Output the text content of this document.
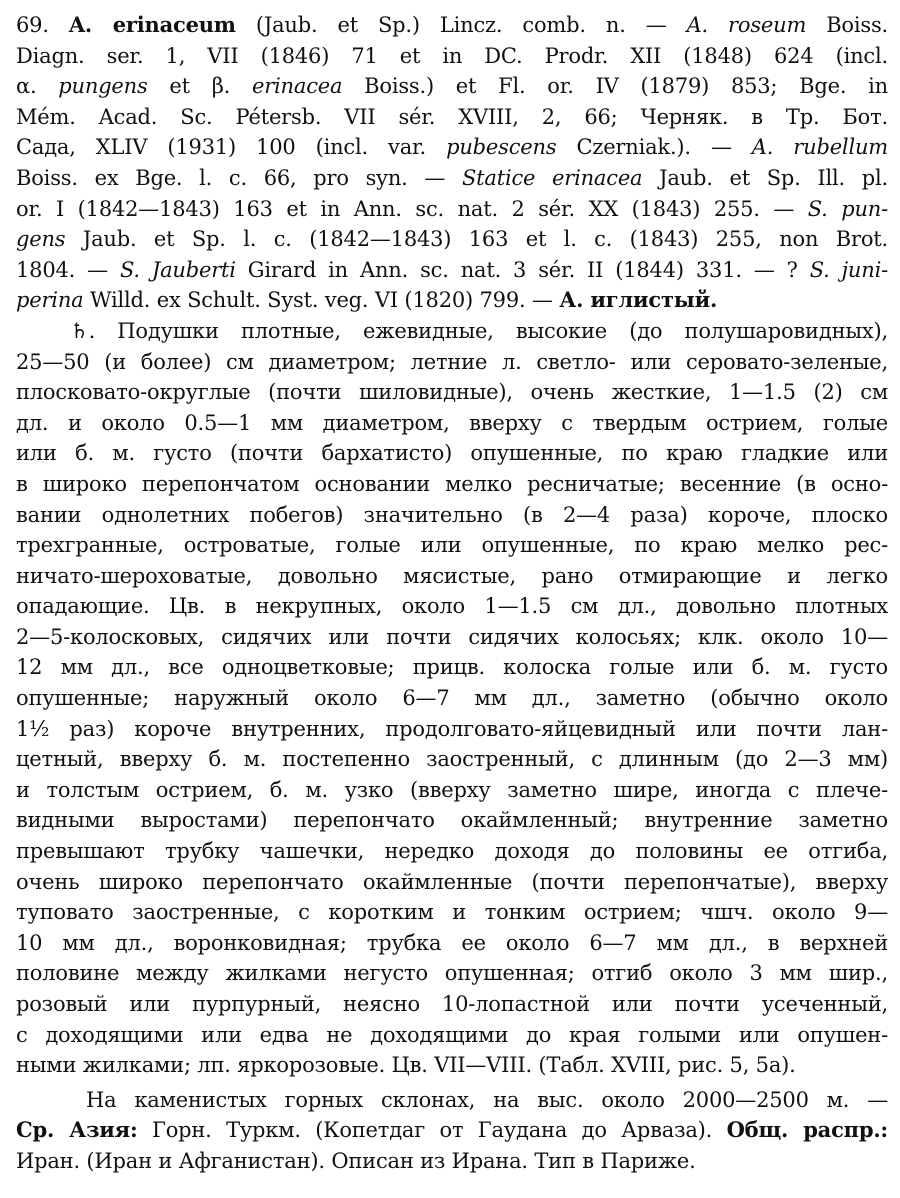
69. A. erinaceum (Jaub. et Sp.) Lincz. comb. n. — A. roseum Boiss.
Diagn. ser. 1, VII (1846) 71 et in DC. Prodr. XII (1848) 624 (incl.
α. pungens et β. erinacea Boiss.) et Fl. or. IV (1879) 853; Bge. in
Mém. Acad. Sc. Pétersb. VII sér. XVIII, 2, 66; Черняк. в Тр. Бот.
Сада, XLIV (1931) 100 (incl. var. pubescens Czerniak.). — A. rubellum
Boiss. ex Bge. l. c. 66, pro syn. — Statice erinacea Jaub. et Sp. Ill. pl.
or. I (1842—1843) 163 et in Ann. sc. nat. 2 sér. XX (1843) 255. — S. pun-
gens Jaub. et Sp. l. c. (1842—1843) 163 et l. c. (1843) 255, non Brot.
1804. — S. Jauberti Girard in Ann. sc. nat. 3 sér. II (1844) 331. — ? S. juni-
perina Willd. ex Schult. Syst. veg. VI (1820) 799. — А. иглистый.
♄. Подушки плотные, ежевидные, высокие (до полушаровидных),
25—50 (и более) см диаметром; летние л. светло- или серовато-зеленые,
плосковато-округлые (почти шиловидные), очень жесткие, 1—1.5 (2) см
дл. и около 0.5—1 мм диаметром, вверху с твердым острием, голые
или б. м. густо (почти бархатисто) опушенные, по краю гладкие или
в широко перепончатом основании мелко ресничатые; весенние (в осно-
вании однолетних побегов) значительно (в 2—4 раза) короче, плоско
трехгранные, островатые, голые или опушенные, по краю мелко рес-
ничато-шероховатые, довольно мясистые, рано отмирающие и легко
опадающие. Цв. в некрупных, около 1—1.5 см дл., довольно плотных
2—5-колосковых, сидячих или почти сидячих колосьях; клк. около 10—
12 мм дл., все одноцветковые; прицв. колоска голые или б. м. густо
опушенные; наружный около 6—7 мм дл., заметно (обычно около
1½ раз) короче внутренних, продолговато-яйцевидный или почти лан-
цетный, вверху б. м. постепенно заостренный, с длинным (до 2—3 мм)
и толстым острием, б. м. узко (вверху заметно шире, иногда с плече-
видными выростами) перепончато окаймленный; внутренние заметно
превышают трубку чашечки, нередко доходя до половины ее отгиба,
очень широко перепончато окаймленные (почти перепончатые), вверху
туповато заостренные, с коротким и тонким острием; чшч. около 9—
10 мм дл., воронковидная; трубка ее около 6—7 мм дл., в верхней
половине между жилками негусто опушенная; отгиб около 3 мм шир.,
розовый или пурпурный, неясно 10-лопастной или почти усеченный,
с доходящими или едва не доходящими до края голыми или опушен-
ными жилками; лп. яркорозовые. Цв. VII—VIII. (Табл. XVIII, рис. 5, 5а).
На каменистых горных склонах, на выс. около 2000—2500 м. —
Ср. Азия: Горн. Туркм. (Копетдаг от Гаудана до Арваза). Общ. распр.:
Иран. (Иран и Афганистан). Описан из Ирана. Тип в Париже.
